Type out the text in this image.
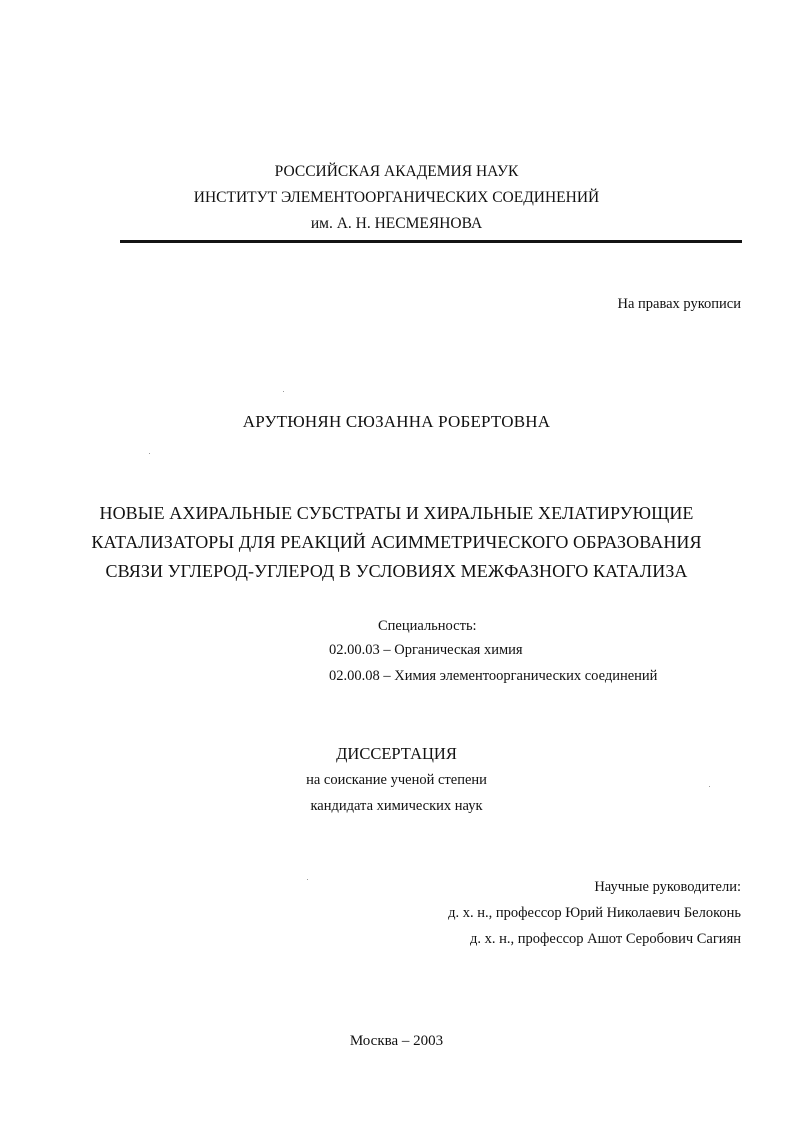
РОССИЙСКАЯ АКАДЕМИЯ НАУК
ИНСТИТУТ ЭЛЕМЕНТООРГАНИЧЕСКИХ СОЕДИНЕНИЙ
им. А. Н. НЕСМЕЯНОВА
На правах рукописи
АРУТЮНЯН СЮЗАННА РОБЕРТОВНА
НОВЫЕ АХИРАЛЬНЫЕ СУБСТРАТЫ И ХИРАЛЬНЫЕ ХЕЛАТИРУЮЩИЕ
КАТАЛИЗАТОРЫ ДЛЯ РЕАКЦИЙ АСИММЕТРИЧЕСКОГО ОБРАЗОВАНИЯ
СВЯЗИ УГЛЕРОД-УГЛЕРОД В УСЛОВИЯХ МЕЖФАЗНОГО КАТАЛИЗА
Специальность:
02.00.03 – Органическая химия
02.00.08 – Химия элементоорганических соединений
ДИССЕРТАЦИЯ
на соискание ученой степени
кандидата химических наук
Научные руководители:
д. х. н., профессор Юрий Николаевич Белоконь
д. х. н., профессор Ашот Серобович Сагиян
Москва – 2003
